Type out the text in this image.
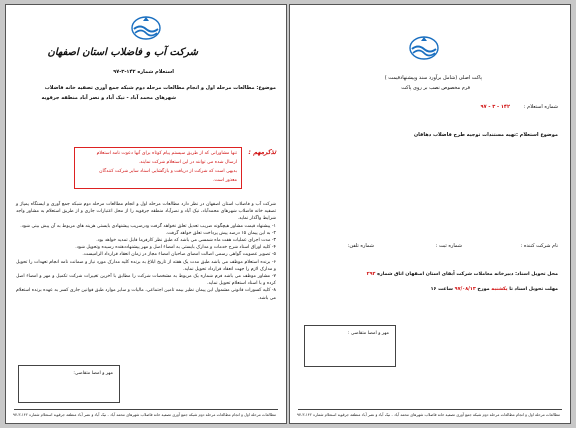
پاکت اصلی (شامل برآورد سند وپیشنهادقیمت )
فرم مخصوص نصب بر روی پاکت
شماره استعلام :
۱۴۲ - ۳ - ۹۷
موضوع استعلام :
تهیه مستندات توجیه طرح فاضلاب دهاقان
نام شرکت کننده :
شماره ثبت :
شماره تلفن:
محل تحویل اسناد: دبیرخانه معاملات شرکت آبفای استان اصفهان اتاق شماره ۲۹۲
مهلت تحویل اسناد تا یکشنبه مورخ ۹۷/۰۸/۱۳ ساعت ۱۶
مهر و امضا متقاضی :
مطالعات مرحله اول و انجام مطالعات مرحله دوم شبکه جمع آوری تصفیه خانه فاضلاب شهرهای محمد آباد - نیک آباد و نصر آباد منطقه جرقویه استعلام شماره ۱۴۲-۳-۹۷
شرکت آب و فاضلاب استان اصفهان
استعلام شماره ۱۴۲-۳-۹۷
موضوع: مطالعات مرحله اول و انجام مطالعات مرحله دوم شبکه جمع آوری تصفیه خانه فاضلاب
شهرهای محمد آباد - نیک آباد و نصر آباد منطقه جرقویه
تنها مشاورانی که از طریق سیستم پیام کوتاه برای آنها دعوت نامه استعلام
ارسال شده می توانند در این استعلام شرکت نمایند.
بدیهی است که شرکت از دریافت و بازگشایی اسناد سایر شرکت کنندگان
معذور است.
تذکرمهم :

شرکت آب و فاضلاب استان اصفهان در نظر دارد مطالعات مرحله اول و انجام مطالعات مرحله دوم شبکه جمع آوری و ایستگاه پمپاژ و تصفیه خانه فاضلاب شهرهای محمدآباد، نیک آباد و نصرآباد منطقه جرقویه را از محل اعتبارات جاری و از طریق استعلام به مشاور واجد شرایط واگذار نماید.

۱- پیشنهاد قیمت مشاور هیچگونه ضریب تعدیل تعلق نخواهد گرفت ودرضریب پیشنهادی بایستی هزینه های مربوط به آن پیش بینی شود.

۲- به این پیمان ۱۵ درصد پیش پرداخت تعلق خواهد گرفت.

۳- مدت اجرای عملیات هفت ماه شمسی می باشد که طبق نظر کارفرما قابل تمدید خواهد بود.

۴- کلیه اوراق اسناد شرح خدمات و مدارک بایستی به امضاء اصل و مهر پیشنهاددهنده رسیده وتحویل شود.

۵- تصویر عضویت گواهی رسمی اصالت امضای صاحبان امضاء مجاز در زمان انعقاد قرارداد الزامیست.

۶- برنده استعلام موظف می باشد طبق مدت یک هفته از تاریخ ابلاغ به برنده کلیه مدارک مورد نیاز و ضمانت نامه انجام تعهدات را تحویل و مدارک لازم را جهت انعقاد قرارداد تحویل نماید.

۷- مشاور موظف می باشد فرم شماره یک مربوط به مشخصات شرکت را مطابق با آخرین تغییرات شرکت تکمیل و مهر و امضاء اصل کرده و با اسناد استعلام تحویل نماید.

۸- کلیه کسورات قانونی مشمول این پیمان نظیر بیمه تامین اجتماعی، مالیات و سایر موارد طبق قوانین جاری کسر به عهده برنده استعلام می باشد.

مهر و امضا متقاضی:
مطالعات مرحله اول و انجام مطالعات مرحله دوم شبکه جمع آوری تصفیه خانه فاضلاب شهرهای محمد آباد - نیک آباد و نصر آباد منطقه جرقویه استعلام شماره ۱۴۲-۳-۹۷
